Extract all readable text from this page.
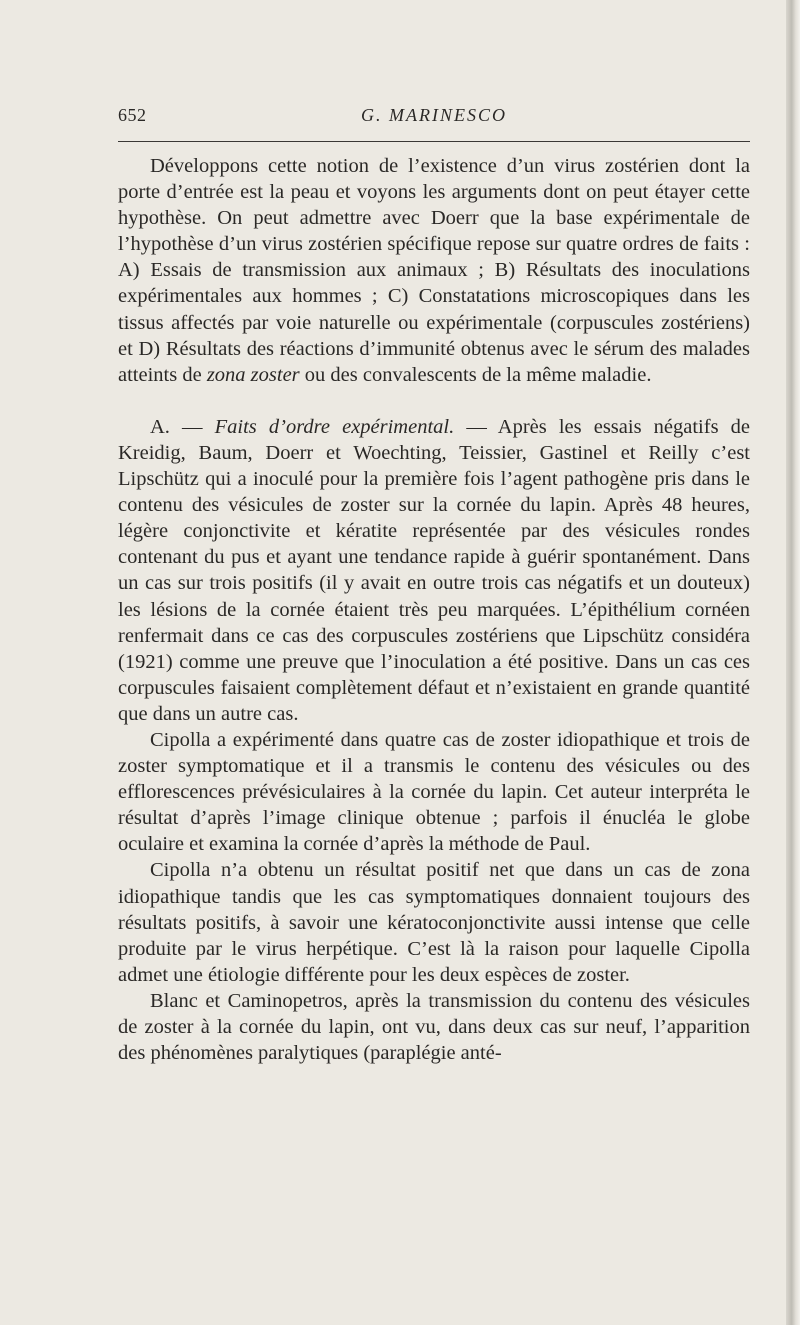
652	G. MARINESCO

Développons cette notion de l’existence d’un virus zostérien dont la porte d’entrée est la peau et voyons les arguments dont on peut étayer cette hypothèse. On peut admettre avec Doerr que la base expérimentale de l’hypothèse d’un virus zostérien spécifique repose sur quatre ordres de faits : A) Essais de transmission aux animaux ; B) Résultats des inoculations expérimentales aux hommes ; C) Constatations microscopiques dans les tissus affectés par voie naturelle ou expérimentale (corpuscules zostériens) et D) Résultats des réactions d’immunité obtenus avec le sérum des malades atteints de zona zoster ou des convalescents de la même maladie.

A. — Faits d’ordre expérimental. — Après les essais négatifs de Kreidig, Baum, Doerr et Woechting, Teissier, Gastinel et Reilly c’est Lipschütz qui a inoculé pour la première fois l’agent pathogène pris dans le contenu des vésicules de zoster sur la cornée du lapin. Après 48 heures, légère conjonctivite et kératite représentée par des vésicules rondes contenant du pus et ayant une tendance rapide à guérir spontanément. Dans un cas sur trois positifs (il y avait en outre trois cas négatifs et un douteux) les lésions de la cornée étaient très peu marquées. L’épithélium cornéen renfermait dans ce cas des corpuscules zostériens que Lipschütz considéra (1921) comme une preuve que l’inoculation a été positive. Dans un cas ces corpuscules faisaient complètement défaut et n’existaient en grande quantité que dans un autre cas.

Cipolla a expérimenté dans quatre cas de zoster idiopathique et trois de zoster symptomatique et il a transmis le contenu des vésicules ou des efflorescences prévésiculaires à la cornée du lapin. Cet auteur interpréta le résultat d’après l’image clinique obtenue ; parfois il énucléa le globe oculaire et examina la cornée d’après la méthode de Paul.

Cipolla n’a obtenu un résultat positif net que dans un cas de zona idiopathique tandis que les cas symptomatiques donnaient toujours des résultats positifs, à savoir une kératoconjonctivite aussi intense que celle produite par le virus herpétique. C’est là la raison pour laquelle Cipolla admet une étiologie différente pour les deux espèces de zoster.

Blanc et Caminopetros, après la transmission du contenu des vésicules de zoster à la cornée du lapin, ont vu, dans deux cas sur neuf, l’apparition des phénomènes paralytiques (paraplégie anté-
